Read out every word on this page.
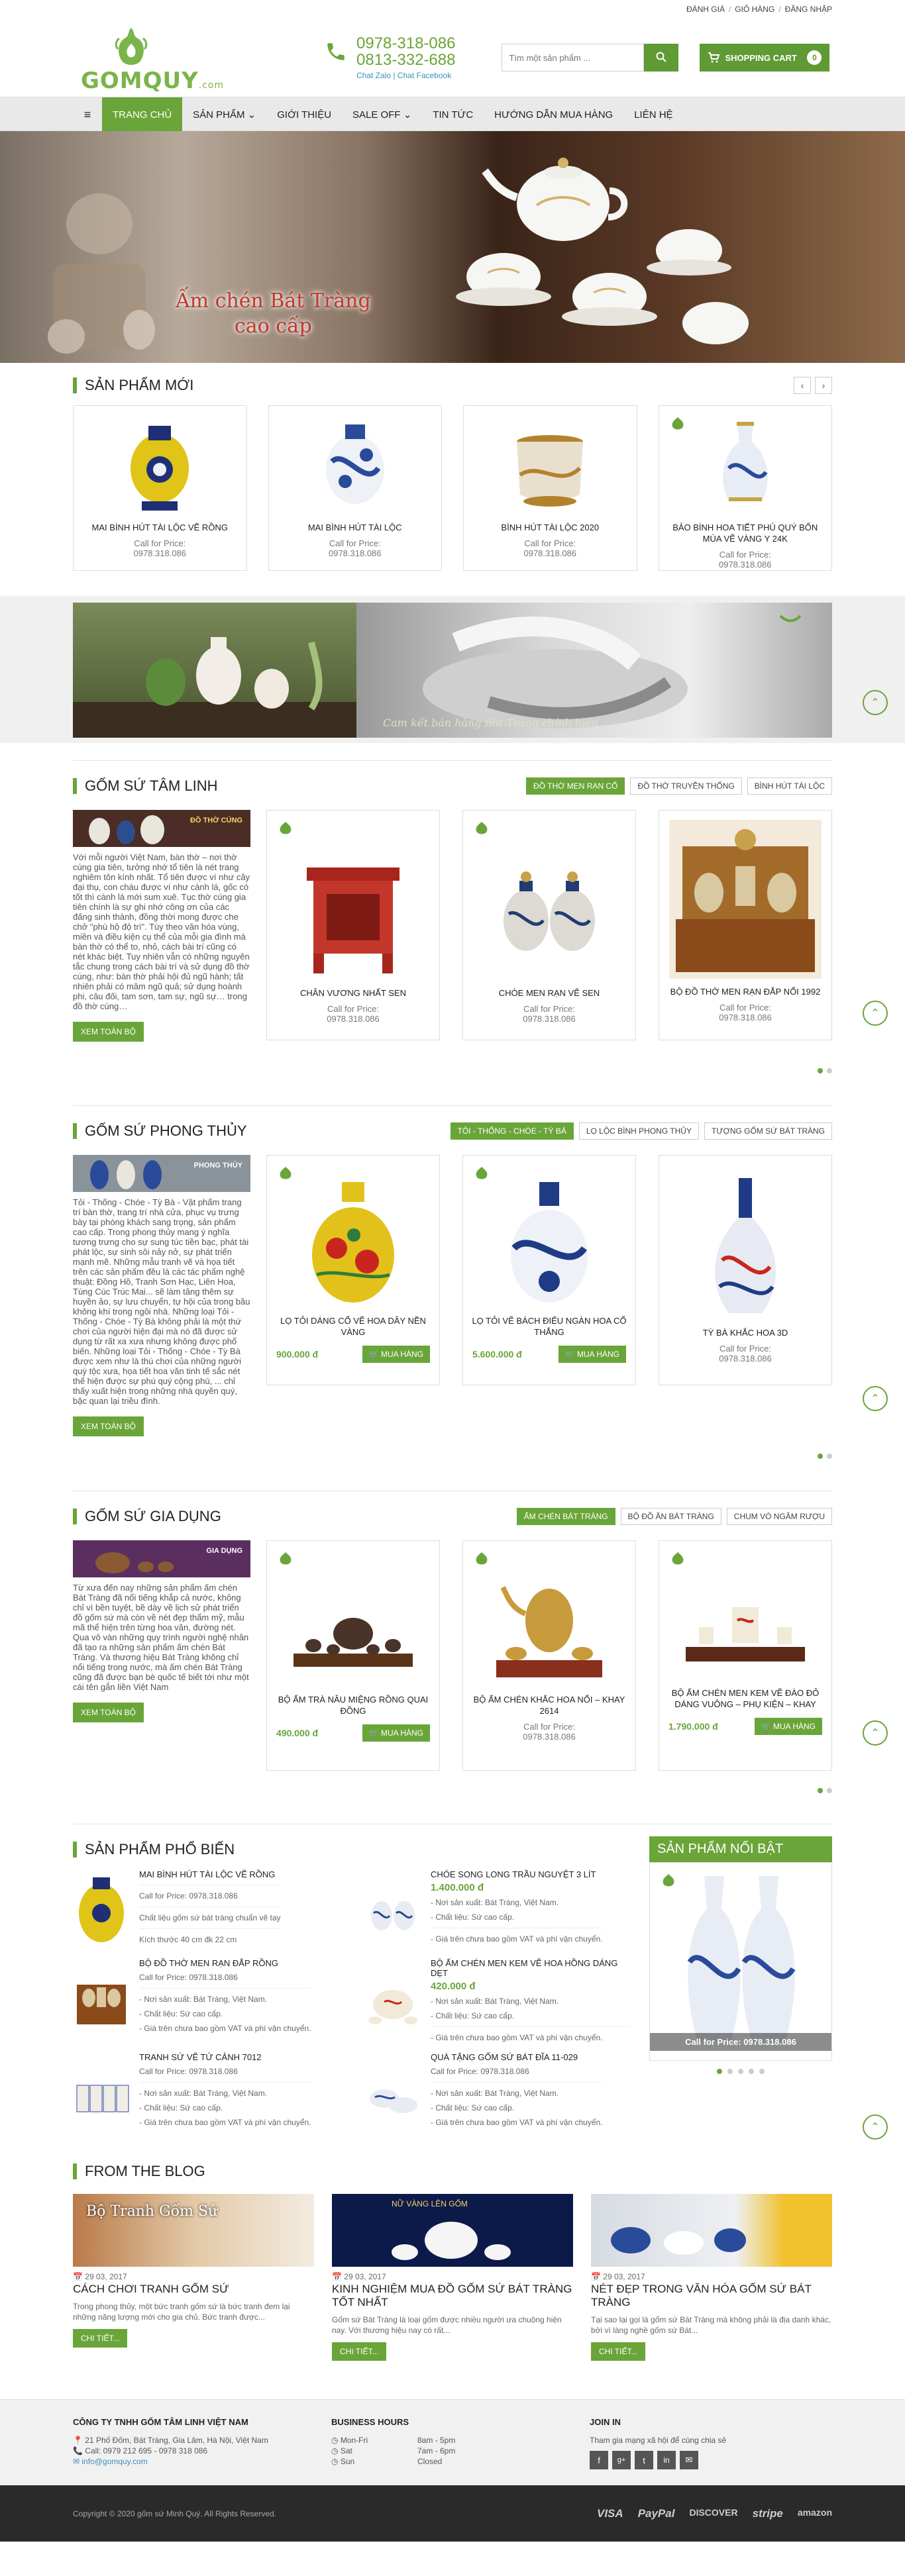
ĐÁNH GIÁ / GIỎ HÀNG / ĐĂNG NHẬP
GOMQUY.com
0978-318-086
0813-332-688
Chat Zalo | Chat Facebook
Tìm một sản phẩm ...
SHOPPING CART	0
≡	TRANG CHỦ	SẢN PHẨM ⌄	GIỚI THIỆU	SALE OFF ⌄	TIN TỨC	HƯỚNG DẪN MUA HÀNG	LIÊN HỆ
Ấm chén Bát Tràng
cao cấp
SẢN PHẨM MỚI	‹	›
MAI BÌNH HÚT TÀI LỘC VẼ RỒNG
Call for Price:
0978.318.086
MAI BÌNH HÚT TÀI LỘC
Call for Price:
0978.318.086
BÌNH HÚT TÀI LỘC 2020
Call for Price:
0978.318.086
BẢO BÌNH HOA TIẾT PHÚ QUÝ BỐN MÙA VẼ VÀNG Y 24K
Call for Price:
0978.318.086
Cam kết bán hàng Bát Tràng chính hiệu
⌃
GỐM SỨ TÂM LINH	ĐỒ THỜ MEN RẠN CỔ	ĐỒ THỜ TRUYỀN THỐNG	BÌNH HÚT TÀI LỘC
ĐỒ THỜ CÚNG
Với mỗi người Việt Nam, bàn thờ – nơi thờ cúng gia tiên, tưởng nhớ tổ tiên là nét trang nghiêm tôn kính nhất. Tổ tiên được ví như cây đại thụ, con cháu được ví như cành lá, gốc có tốt thì cành lá mới sum xuê. Tục thờ cúng gia tiên chính là sự ghi nhớ công ơn của các đấng sinh thành, đồng thời mong được che chở "phù hộ độ trì". Tùy theo văn hóa vùng, miền và điều kiện cụ thể của mỗi gia đình mà bàn thờ có thể to, nhỏ, cách bài trí cũng có nét khác biệt. Tuy nhiên vẫn có những nguyên tắc chung trong cách bài trí và sử dụng đồ thờ cúng, như: bàn thờ phải hội đủ ngũ hành; tất nhiên phải có mâm ngũ quả; sử dụng hoành phi, câu đối, tam sơn, tam sự, ngũ sự… trong đồ thờ cúng…
XEM TOÀN BỘ
CHÂN VƯƠNG NHẤT SEN
Call for Price:
0978.318.086
CHÓE MEN RẠN VẼ SEN
Call for Price:
0978.318.086
BỘ ĐỒ THỜ MEN RẠN ĐẮP NỔI 1992
Call for Price:
0978.318.086	⌃
GỐM SỨ PHONG THỦY	TỎI - THỐNG - CHÓE - TỲ BÀ	LỌ LỘC BÌNH PHONG THỦY	TƯỢNG GỐM SỨ BÁT TRÀNG
PHONG THỦY
Tỏi - Thống - Chóe - Tỳ Bà - Vật phẩm trang trí bàn thờ, trang trí nhà cửa, phục vụ trưng bày tại phòng khách sang trọng, sản phẩm cao cấp. Trong phong thủy mang ý nghĩa tương trưng cho sự sung túc tiền bạc, phát tài phát lộc, sự sinh sôi nảy nở, sự phát triển mạnh mẽ. Những mẫu tranh vẽ và họa tiết trên các sản phẩm đều là các tác phẩm nghệ thuật: Đồng Hồ, Tranh Sơn Hạc, Liên Hoa, Tùng Cúc Trúc Mai... sẽ làm tăng thêm sự huyền ảo, sự lưu chuyển, tự hội của trong bầu không khí trong ngôi nhà. Những loại Tỏi - Thống - Chóe - Tỳ Bà không phải là một thứ chơi của người hiện đại mà nó đã được sử dụng từ rất xa xưa nhưng không được phổ biến. Những loại Tỏi - Thống - Chóe - Tỳ Bà được xem như là thú chơi của những người quý tộc xưa, họa tiết hoa văn tinh tế sắc nét thể hiện được sự phú quý cộng phú, ... chỉ thấy xuất hiện trong những nhà quyền quý, bậc quan lại triều đình.
XEM TOÀN BỘ
LỌ TỎI DÁNG CỔ VẼ HOA DÂY NỀN VÀNG
900.000 đ	🛒 MUA HÀNG
LỌ TỎI VẼ BÁCH ĐIỂU NGÀN HOA CỔ THẮNG
5.600.000 đ	🛒 MUA HÀNG
TỲ BÀ KHẮC HOA 3D
Call for Price:
0978.318.086
⌃
GỐM SỨ GIA DỤNG	ẤM CHÉN BÁT TRÀNG	BỘ ĐỒ ĂN BÁT TRÀNG	CHUM VÒ NGÂM RƯỢU
GIA DỤNG
Từ xưa đến nay những sản phẩm ấm chén Bát Tràng đã nổi tiếng khắp cả nước, không chỉ vì bền tuyệt, bề dày về lịch sử phát triển đồ gốm sứ mà còn về nét đẹp thẩm mỹ, mẫu mã thể hiện trên từng hoa văn, đường nét. Qua vô vàn những quy trình người nghệ nhân đã tạo ra những sản phẩm ấm chén Bát Tràng. Và thương hiệu Bát Tràng không chỉ nổi tiếng trong nước, mà ấm chén Bát Tràng cũng đã được bạn bè quốc tế biết tới như một cái tên gắn liền Việt Nam
XEM TOÀN BỘ
BỘ ẤM TRÀ NÂU MIỆNG RỒNG QUAI ĐỒNG
490.000 đ	🛒 MUA HÀNG
BỘ ẤM CHÉN KHẮC HOA NỔI – KHAY 2614
Call for Price:
0978.318.086
BỘ ẤM CHÉN MEN KEM VẼ ĐÀO ĐỎ DÁNG VUÔNG – PHỤ KIỆN – KHAY
1.790.000 đ	🛒 MUA HÀNG
⌃
SẢN PHẨM PHỔ BIẾN
MAI BÌNH HÚT TÀI LỘC VẼ RỒNG
Call for Price: 0978.318.086
Chất liệu gốm sứ bát tràng chuẩn vẽ tay
Kích thước 40 cm đk 22 cm
CHÓE SONG LONG TRẦU NGUYỆT 3 LÍT
1.400.000 đ
- Nơi sản xuất: Bát Tràng, Việt Nam.
- Chất liệu: Sứ cao cấp.
- Giá trên chưa bao gồm VAT và phí vận chuyển.
BỘ ĐỒ THỜ MEN RẠN ĐẮP RỒNG
Call for Price: 0978.318.086
- Nơi sản xuất: Bát Tràng, Việt Nam.
- Chất liệu: Sứ cao cấp.
- Giá trên chưa bao gồm VAT và phí vận chuyển.
BỘ ẤM CHÉN MEN KEM VẼ HOA HỒNG DÁNG DẸT
420.000 đ
- Nơi sản xuất: Bát Tràng, Việt Nam.
- Chất liệu: Sứ cao cấp.
- Giá trên chưa bao gồm VAT và phí vận chuyển.
TRANH SỨ VẼ TỨ CẢNH 7012
Call for Price: 0978.318.086
- Nơi sản xuất: Bát Tràng, Việt Nam.
- Chất liệu: Sứ cao cấp.
- Giá trên chưa bao gồm VAT và phí vận chuyển.
QUÀ TẶNG GỐM SỨ BÁT ĐĨA 11-029
Call for Price: 0978.318.086
- Nơi sản xuất: Bát Tràng, Việt Nam.
- Chất liệu: Sứ cao cấp.
- Giá trên chưa bao gồm VAT và phí vận chuyển.
SẢN PHẨM NỔI BẬT
Call for Price: 0978.318.086
⌃
FROM THE BLOG
Bộ Tranh Gốm Sứ
📅 29 03, 2017
CÁCH CHƠI TRANH GỐM SỨ
Trong phong thủy, một bức tranh gốm sứ là bức tranh đem lại những năng lượng mới cho gia chủ. Bức tranh được...
CHI TIẾT...
NỮ VÀNG LÊN GỐM
📅 29 03, 2017
KINH NGHIỆM MUA ĐỒ GỐM SỨ BÁT TRÀNG TỐT NHẤT
Gốm sứ Bát Tràng là loại gốm được nhiều người ưa chuộng hiện nay. Với thương hiệu nay có rất...
CHI TIẾT...
📅 29 03, 2017
NÉT ĐẸP TRONG VĂN HÓA GỐM SỨ BÁT TRÀNG
Tại sao lại gọi là gốm sứ Bát Tràng mà không phải là địa danh khác, bởi vì làng nghề gốm sứ Bát...
CHI TIẾT...
CÔNG TY TNHH GỐM TÂM LINH VIỆT NAM
📍 21 Phố Đốm, Bát Tràng, Gia Lâm, Hà Nội, Việt Nam
📞 Call: 0979 212 695 - 0978 318 086
✉ info@gomquy.com
BUSINESS HOURS
◷ Mon-Fri	8am - 5pm
◷ Sat	7am - 6pm
◷ Sun	Closed
JOIN IN
Tham gia mạng xã hội để cùng chia sẻ
f	g+	t	in	✉
Copyright © 2020 gốm sứ Minh Quý. All Rights Reserved.	VISA PayPal DISCOVER stripe amazon
